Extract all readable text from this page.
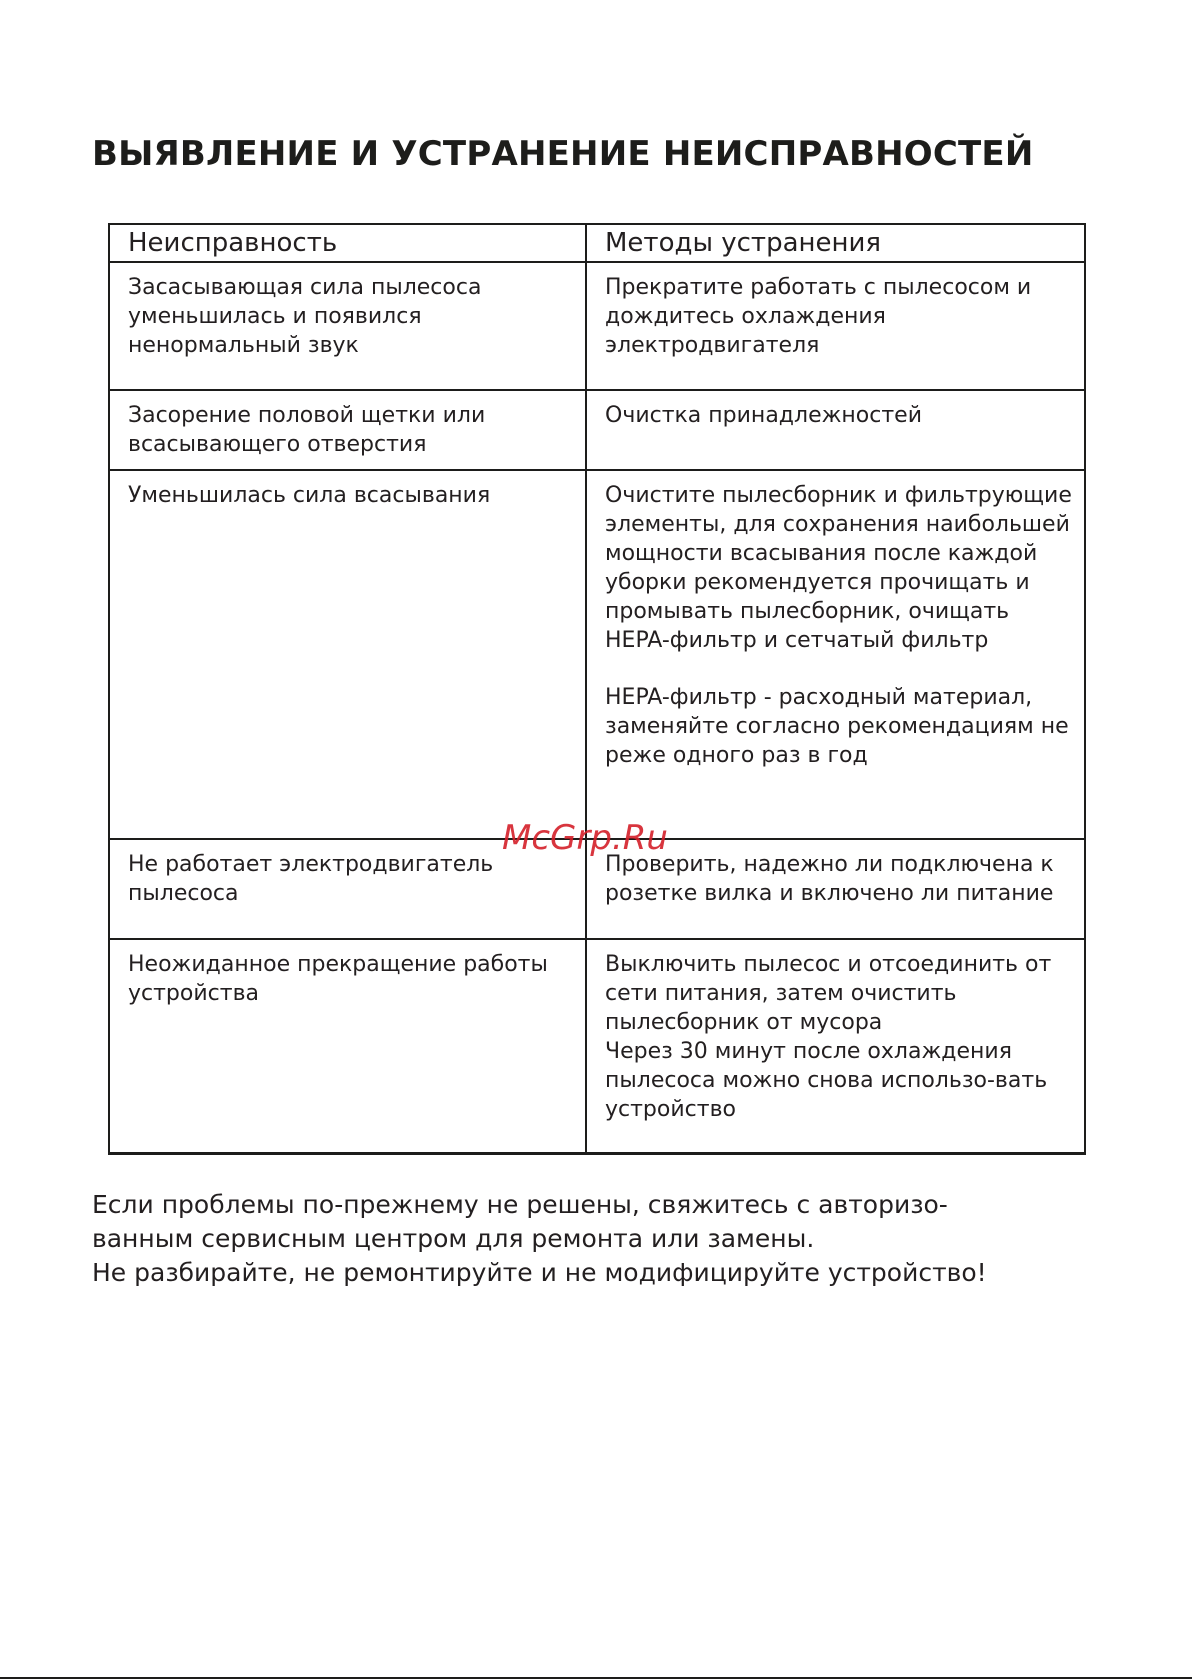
ВЫЯВЛЕНИЕ И УСТРАНЕНИЕ НЕИСПРАВНОСТЕЙ
Неисправность	Методы устранения
Засасывающая сила пылесоса уменьшилась и появился ненормальный звук	Прекратите работать с пылесосом и дождитесь охлаждения электродвигателя

Засорение половой щетки или всасывающего отверстия	Очистка принадлежностей

Уменьшилась сила всасывания	Очистите пылесборник и фильтрующие элементы, для сохранения наибольшей мощности всасывания после каждой уборки рекомендуется прочищать и промывать пылесборник, очищать HEPA-фильтр и сетчатый фильтр

HEPA-фильтр - расходный материал, заменяйте согласно рекомендациям не реже одного раз в год

Не работает электродвигатель пылесоса	Проверить, надежно ли подключена к розетке вилка и включено ли питание

Неожиданное прекращение работы устройства	Выключить пылесос и отсоединить от сети питания, затем очистить пылесборник от мусора

Через 30 минут после охлаждения пылесоса можно снова использо-вать устройство

McGrp.Ru

Если проблемы по-прежнему не решены, свяжитесь с авторизо-
ванным сервисным центром для ремонта или замены.
Не разбирайте, не ремонтируйте и не модифицируйте устройство!
